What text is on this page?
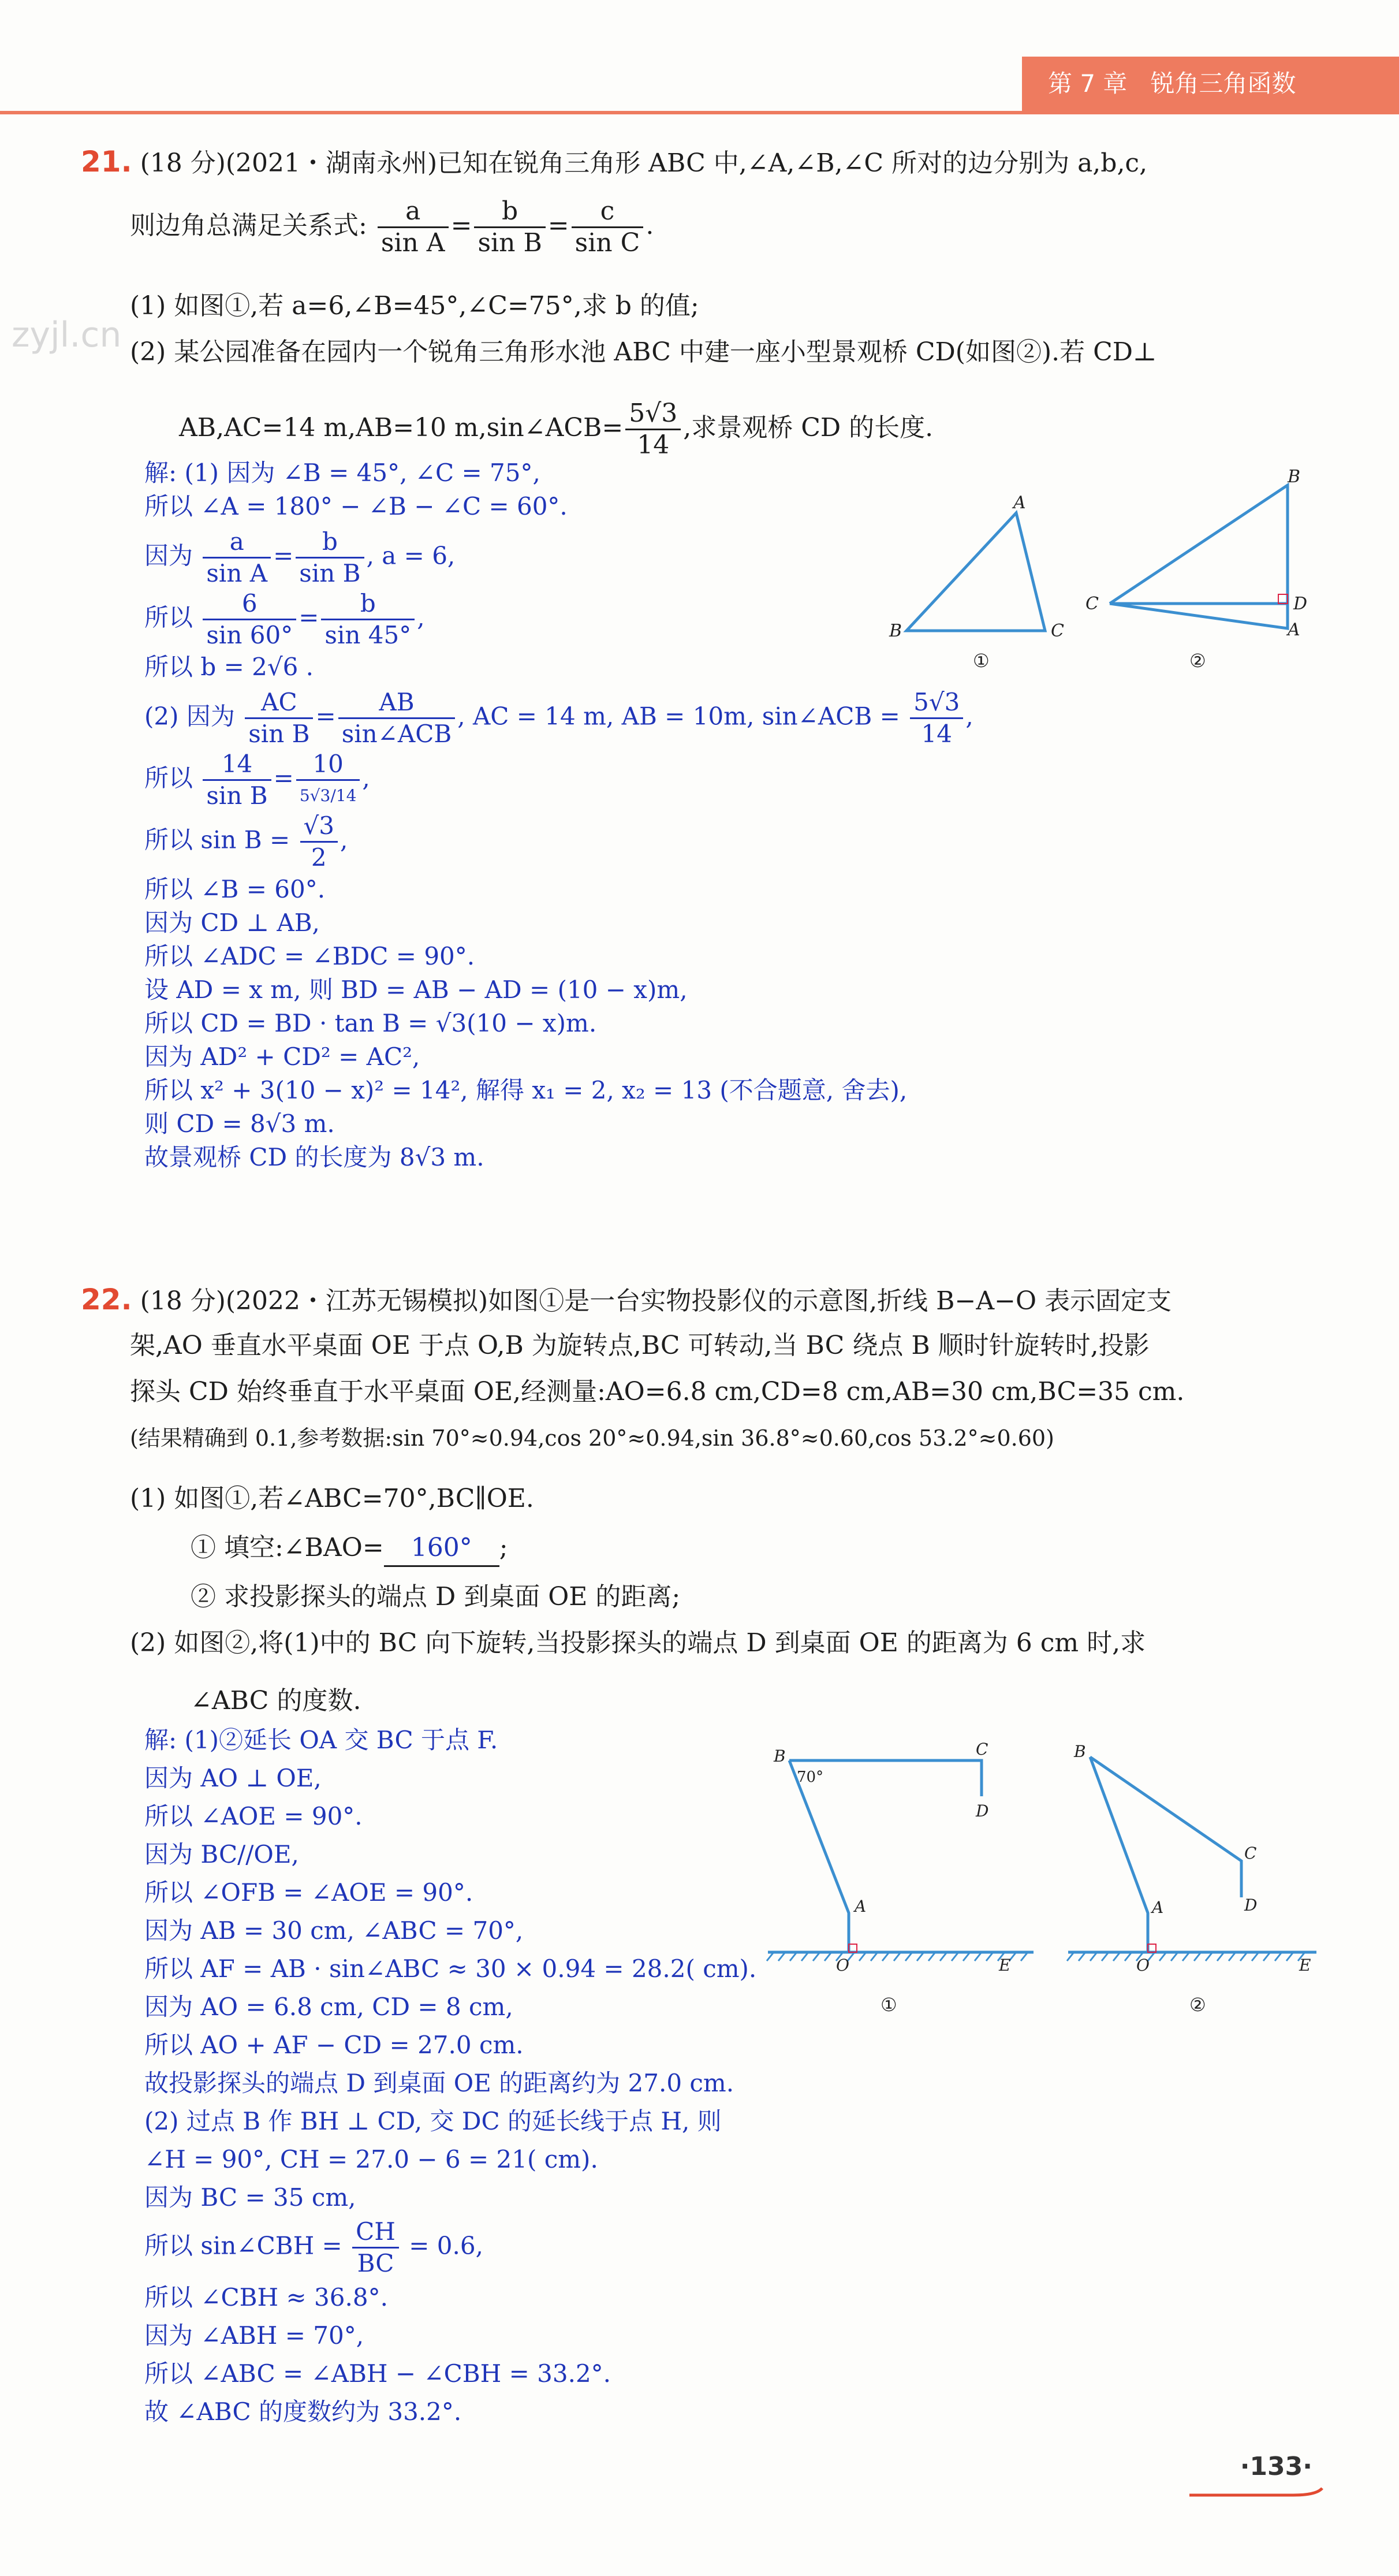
第 7 章 锐角三角函数
zyjl.cn
21. (18 分)(2021・湖南永州)已知在锐角三角形 ABC 中,∠A,∠B,∠C 所对的边分别为 a,b,c,
则边角总满足关系式: $\frac{a}{\text{sin A}} = \frac{b}{\text{sin B}} = \frac{c}{\text{sin C}}$ .
(1) 如图①,若 a=6,∠B=45°,∠C=75°,求 b 的值;
(2) 某公园准备在园内一个锐角三角形水池 ABC 中建一座小型景观桥 CD(如图②).若 CD⊥
AB,AC=14 m,AB=10 m,sin∠ACB= $\frac{5√3}{14}$ ,求景观桥 CD 的长度.
解: (1) 因为 ∠B = 45°, ∠C = 75°,
所以 ∠A = 180° − ∠B − ∠C = 60°.
因为 $\frac{a}{\text{sin A}} = \frac{b}{\text{sin B}}$ , a = 6,
所以 $\frac{6}{\sin 60^\circ} = \frac{b}{\sin 45^\circ}$ ,
所以 b = 2√6 .
(2) 因为 $\frac{AC}{\text{sin B}} = \frac{AB}{\text{sin∠ACB}}$ , AC = 14 m, AB = 10m, sin∠ACB = $\frac{5√3}{14}$ ,
所以 $\frac{14}{\text{sin B}} = \frac{10}{5√3/14}$ ,
所以 $\sin B = \frac{√3}{2}$ ,
所以 ∠B = 60°.
因为 CD ⊥ AB,
所以 ∠ADC = ∠BDC = 90°.
设 AD = x m, 则 BD = AB − AD = (10 − x)m,
所以 CD = BD · tan B = √3(10 − x)m.
因为 AD² + CD² = AC²,
所以 x² + 3(10 − x)² = 14², 解得 x₁ = 2, x₂ = 13 (不合题意, 舍去),
则 CD = 8√3 m.
故景观桥 CD 的长度为 8√3 m.
A
B	C
①
B
C	D
A
②
22. (18 分)(2022・江苏无锡模拟)如图①是一台实物投影仪的示意图,折线 B−A−O 表示固定支
架,AO 垂直水平桌面 OE 于点 O,B 为旋转点,BC 可转动,当 BC 绕点 B 顺时针旋转时,投影
探头 CD 始终垂直于水平桌面 OE,经测量:AO=6.8 cm,CD=8 cm,AB=30 cm,BC=35 cm.
(结果精确到 0.1,参考数据:sin 70°≈0.94,cos 20°≈0.94,sin 36.8°≈0.60,cos 53.2°≈0.60)
(1) 如图①,若∠ABC=70°,BC∥OE.
① 填空:∠BAO= 160° ;
② 求投影探头的端点 D 到桌面 OE 的距离;
(2) 如图②,将(1)中的 BC 向下旋转,当投影探头的端点 D 到桌面 OE 的距离为 6 cm 时,求
∠ABC 的度数.
解: (1)②延长 OA 交 BC 于点 F.
因为 AO ⊥ OE,
所以 ∠AOE = 90°.
因为 BC//OE,
所以 ∠OFB = ∠AOE = 90°.
因为 AB = 30 cm, ∠ABC = 70°,
所以 AF = AB · sin∠ABC ≈ 30 × 0.94 = 28.2( cm).
因为 AO = 6.8 cm, CD = 8 cm,
所以 AO + AF − CD = 27.0 cm.
故投影探头的端点 D 到桌面 OE 的距离约为 27.0 cm.
(2) 过点 B 作 BH ⊥ CD, 交 DC 的延长线于点 H, 则
∠H = 90°, CH = 27.0 − 6 = 21( cm).
因为 BC = 35 cm,
所以 sin∠CBH = $\frac{CH}{BC} = 0.6$,
所以 ∠CBH ≈ 36.8°.
因为 ∠ABH = 70°,
所以 ∠ABC = ∠ABH − ∠CBH = 33.2°.
故 ∠ABC 的度数约为 33.2°.
B
70°
C
D
A
O	E
①
B
C
D
A
O	E
②
·133·
